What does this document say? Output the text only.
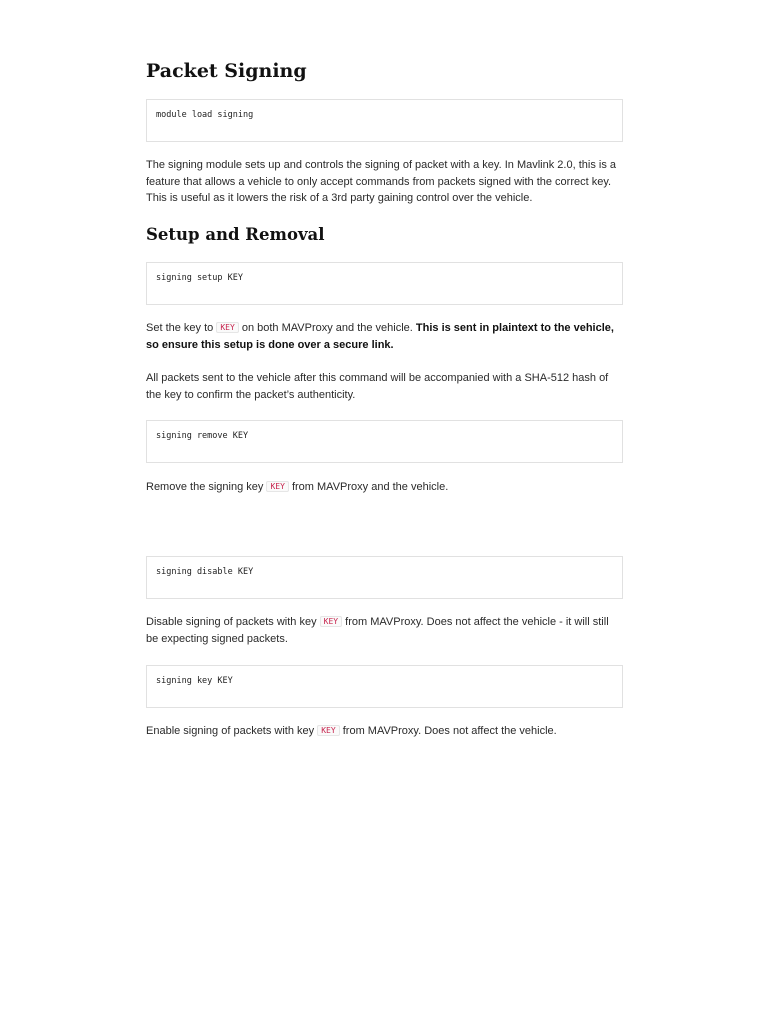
Packet Signing
module load signing

The signing module sets up and controls the signing of packet with a key. In Mavlink 2.0, this is a feature that allows a vehicle to only accept commands from packets signed with the correct key. This is useful as it lowers the risk of a 3rd party gaining control over the vehicle.

Setup and Removal
signing setup KEY

Set the key to KEY on both MAVProxy and the vehicle. This is sent in plaintext to the vehicle, so ensure this setup is done over a secure link.

All packets sent to the vehicle after this command will be accompanied with a SHA-512 hash of the key to confirm the packet’s authenticity.

signing remove KEY

Remove the signing key KEY from MAVProxy and the vehicle.

signing disable KEY

Disable signing of packets with key KEY from MAVProxy. Does not affect the vehicle - it will still be expecting signed packets.

signing key KEY

Enable signing of packets with key KEY from MAVProxy. Does not affect the vehicle.
